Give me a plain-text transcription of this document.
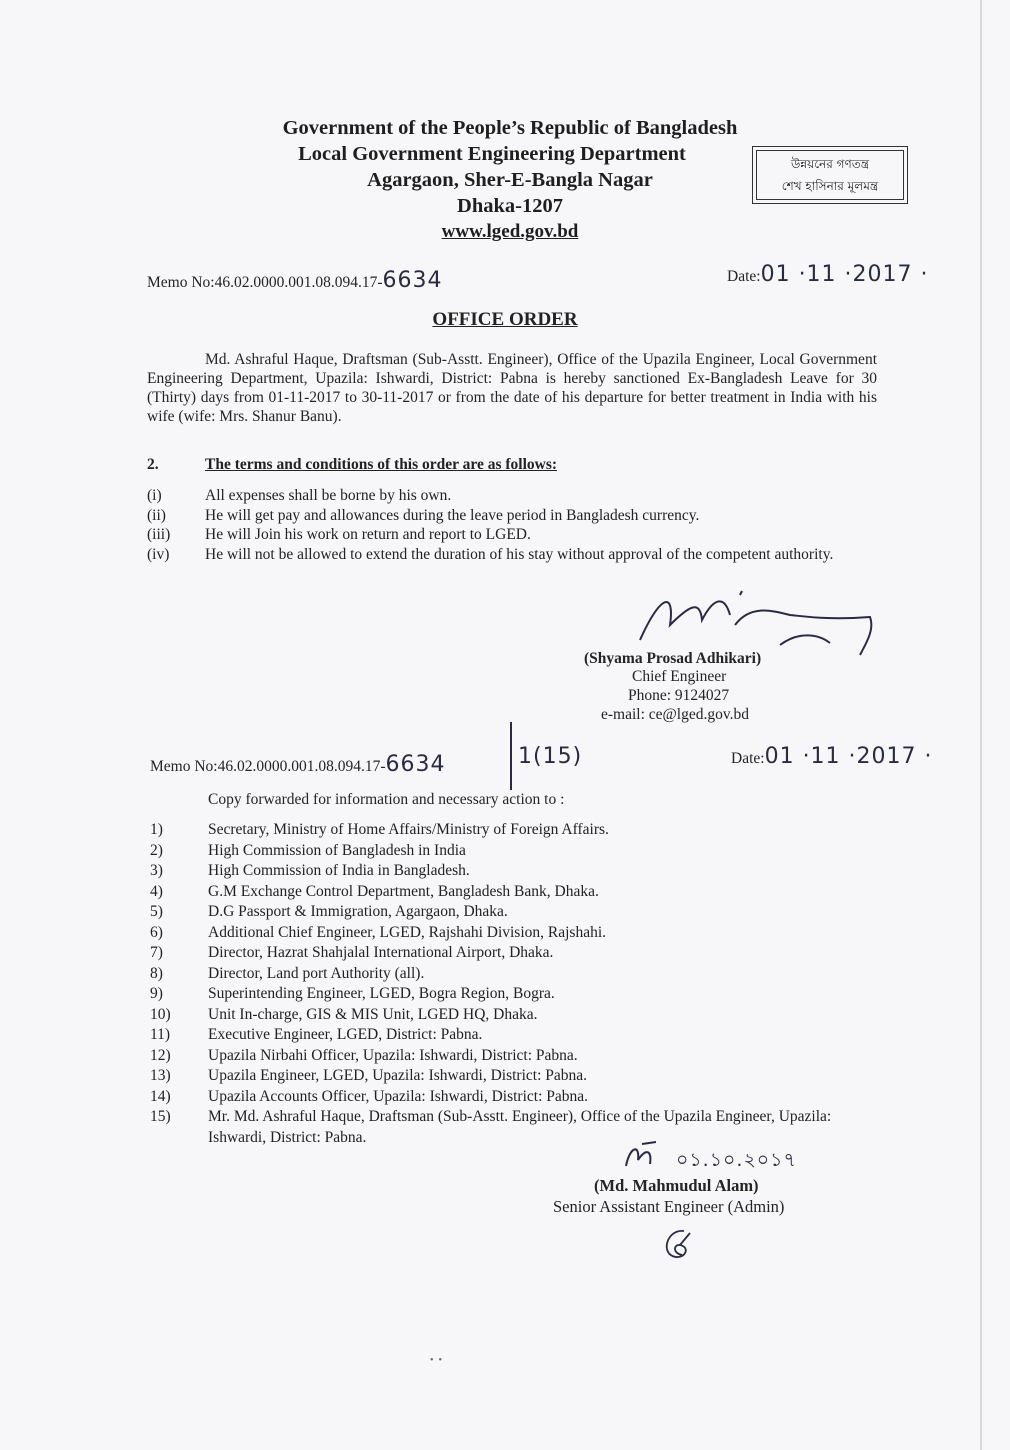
Government of the People’s Republic of Bangladesh
Local Government Engineering Department
Agargaon, Sher-E-Bangla Nagar
Dhaka-1207
www.lged.gov.bd
উন্নয়নের গণতন্ত্র
শেখ হাসিনার মূলমন্ত্র
Memo No:46.02.0000.001.08.094.17-6634	Date:01 ·11 ·2017 ·
OFFICE ORDER
Md. Ashraful Haque, Draftsman (Sub-Asstt. Engineer), Office of the Upazila Engineer, Local Government Engineering Department, Upazila: Ishwardi, District: Pabna is hereby sanctioned Ex-Bangladesh Leave for 30 (Thirty) days from 01-11-2017 to 30-11-2017 or from the date of his departure for better treatment in India with his wife (wife: Mrs. Shanur Banu).
2.	The terms and conditions of this order are as follows:
(i)	All expenses shall be borne by his own.
(ii)	He will get pay and allowances during the leave period in Bangladesh currency.
(iii) He will Join his work on return and report to LGED.
(iv) He will not be allowed to extend the duration of his stay without approval of the competent authority.
(Shyama Prosad Adhikari)
Chief Engineer
Phone: 9124027
e-mail: ce@lged.gov.bd
Memo No:46.02.0000.001.08.094.17-6634	1(15)	Date:01 ·11 ·2017 ·
Copy forwarded for information and necessary action to :
1)	Secretary, Ministry of Home Affairs/Ministry of Foreign Affairs.
2)	High Commission of Bangladesh in India
3)	High Commission of India in Bangladesh.
4)	G.M Exchange Control Department, Bangladesh Bank, Dhaka.
5)	D.G Passport & Immigration, Agargaon, Dhaka.
6)	Additional Chief Engineer, LGED, Rajshahi Division, Rajshahi.
7)	Director, Hazrat Shahjalal International Airport, Dhaka.
8)	Director, Land port Authority (all).
9)	Superintending Engineer, LGED, Bogra Region, Bogra.
10) Unit In-charge, GIS & MIS Unit, LGED HQ, Dhaka.
11) Executive Engineer, LGED, District: Pabna.
12) Upazila Nirbahi Officer, Upazila: Ishwardi, District: Pabna.
13) Upazila Engineer, LGED, Upazila: Ishwardi, District: Pabna.
14) Upazila Accounts Officer, Upazila: Ishwardi, District: Pabna.
15) Mr. Md. Ashraful Haque, Draftsman (Sub-Asstt. Engineer), Office of the Upazila Engineer, Upazila: Ishwardi, District: Pabna.
০১.১০.২০১৭
(Md. Mahmudul Alam)
Senior Assistant Engineer (Admin)
•  •
